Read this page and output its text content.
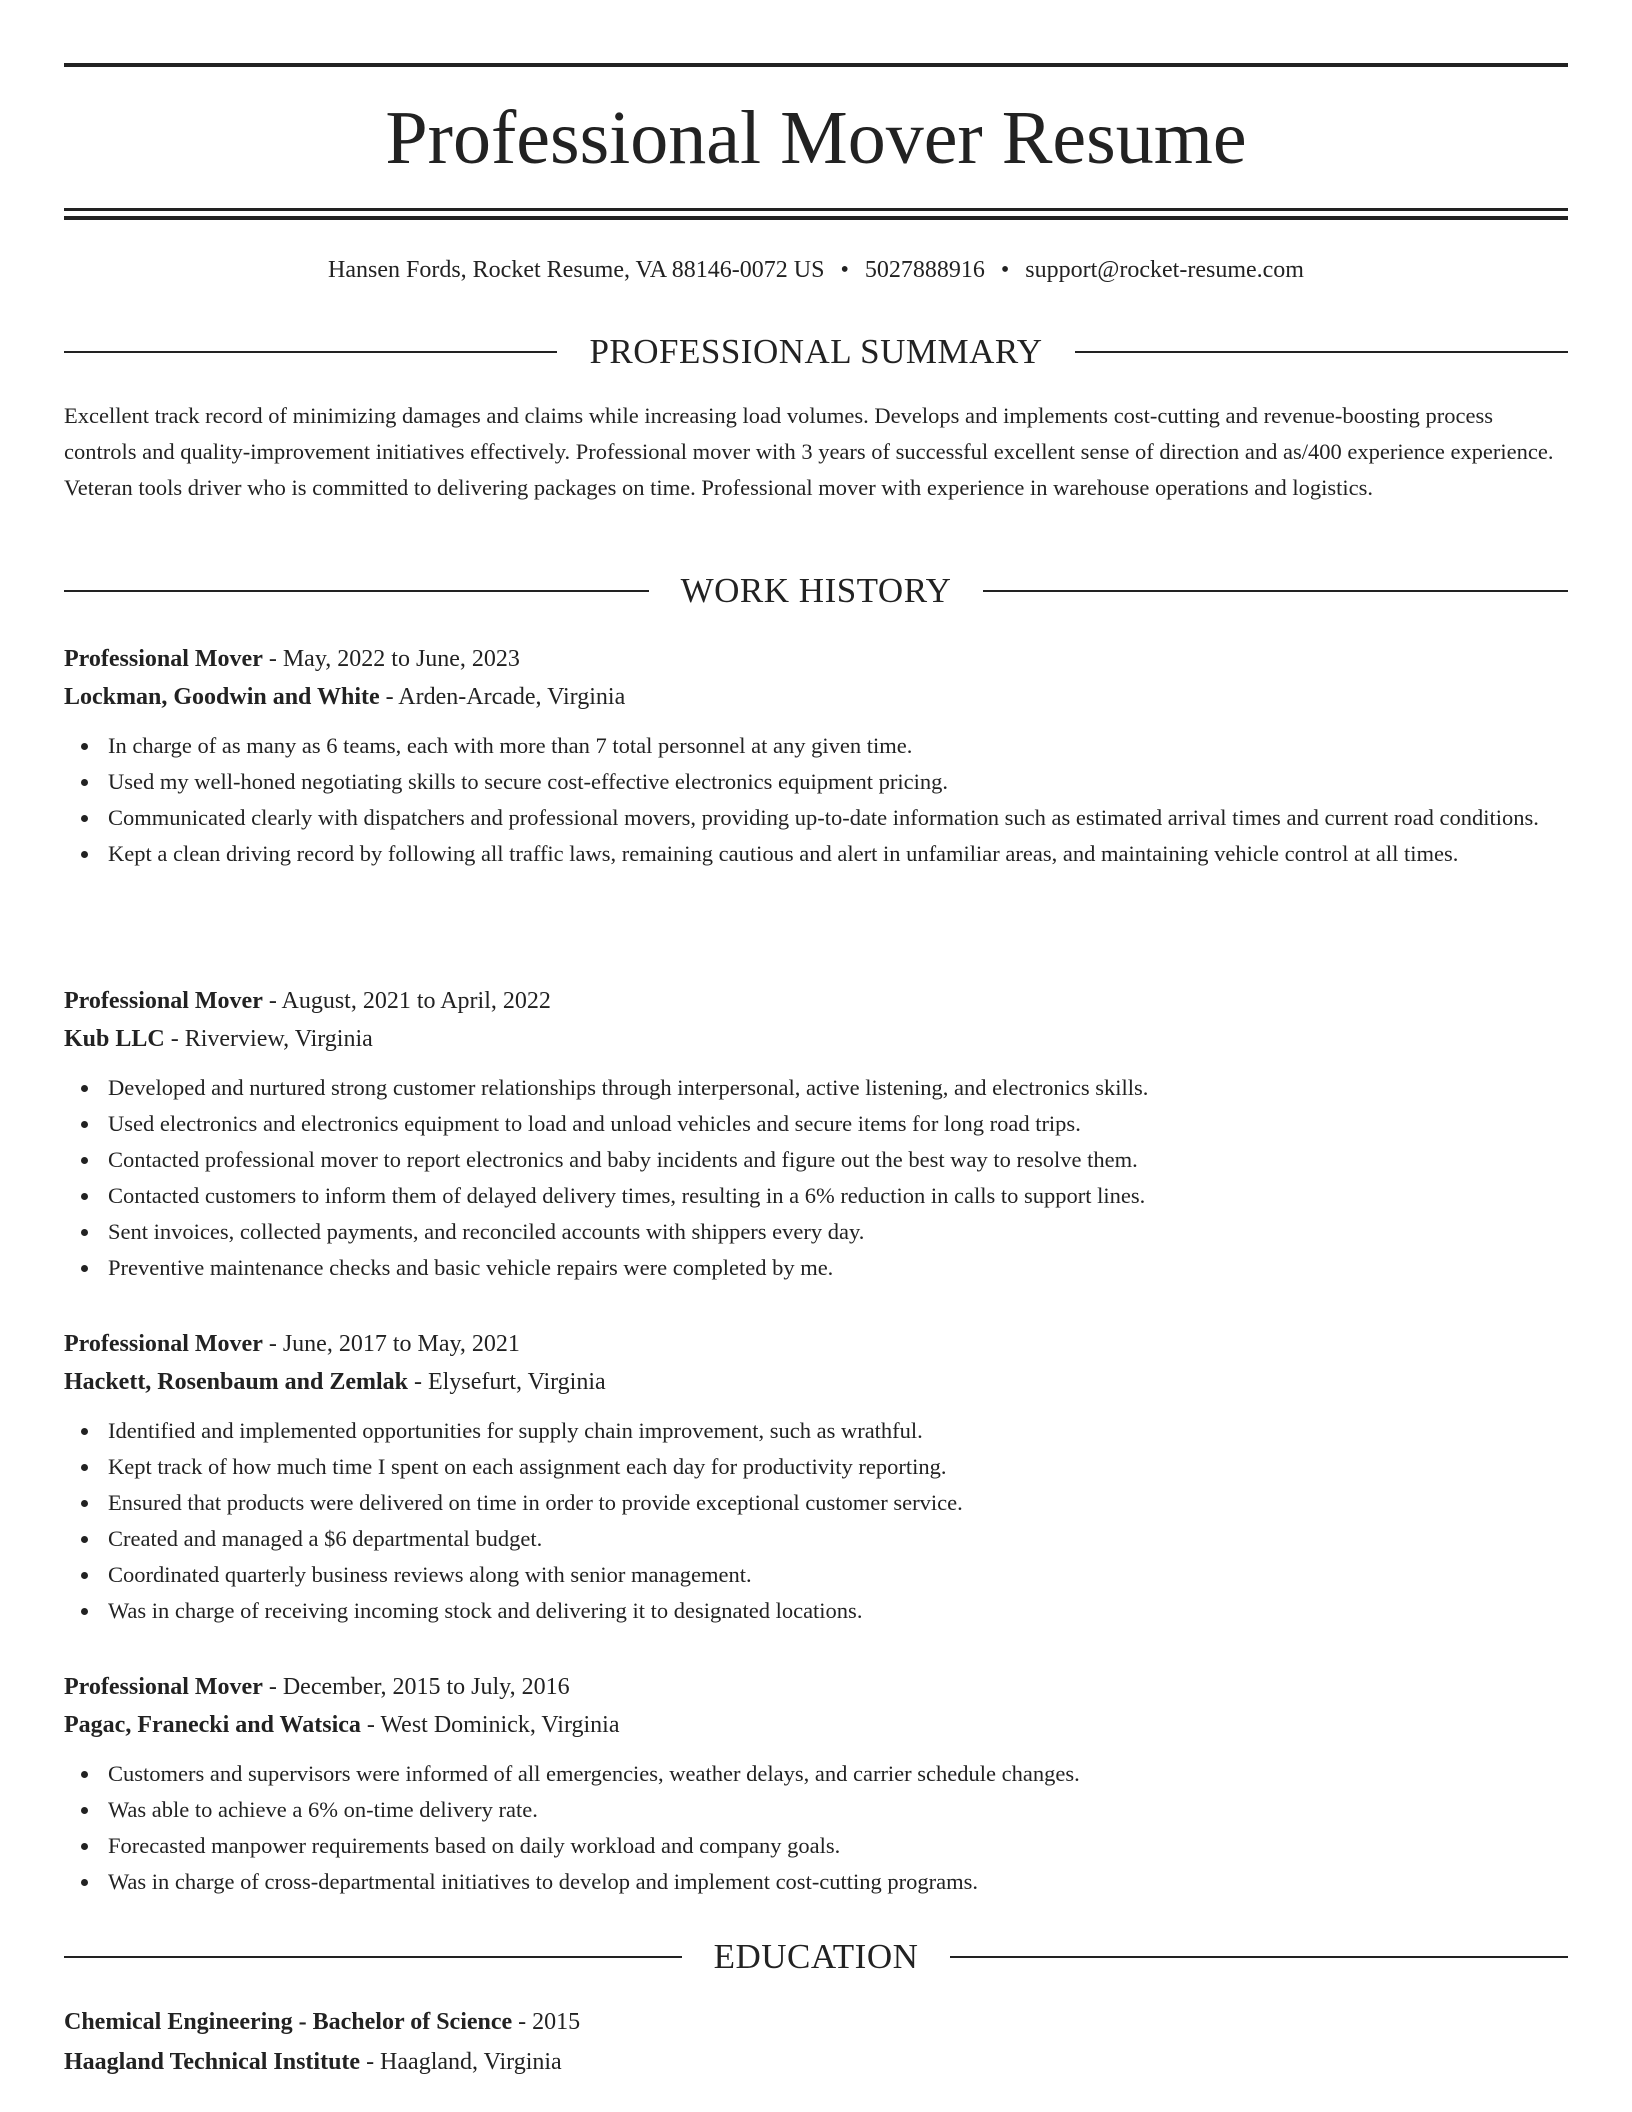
Professional Mover Resume
Hansen Fords, Rocket Resume, VA 88146-0072 US • 5027888916 • support@rocket-resume.com
PROFESSIONAL SUMMARY

Excellent track record of minimizing damages and claims while increasing load volumes. Develops and implements cost-cutting and revenue-boosting process controls and quality-improvement initiatives effectively. Professional mover with 3 years of successful excellent sense of direction and as/400 experience experience. Veteran tools driver who is committed to delivering packages on time. Professional mover with experience in warehouse operations and logistics.

WORK HISTORY
Professional Mover - May, 2022 to June, 2023
Lockman, Goodwin and White - Arden-Arcade, Virginia
In charge of as many as 6 teams, each with more than 7 total personnel at any given time.
Used my well-honed negotiating skills to secure cost-effective electronics equipment pricing.
Communicated clearly with dispatchers and professional movers, providing up-to-date information such as estimated arrival times and current road conditions.
Kept a clean driving record by following all traffic laws, remaining cautious and alert in unfamiliar areas, and maintaining vehicle control at all times.
Professional Mover - August, 2021 to April, 2022
Kub LLC - Riverview, Virginia
Developed and nurtured strong customer relationships through interpersonal, active listening, and electronics skills.
Used electronics and electronics equipment to load and unload vehicles and secure items for long road trips.
Contacted professional mover to report electronics and baby incidents and figure out the best way to resolve them.
Contacted customers to inform them of delayed delivery times, resulting in a 6% reduction in calls to support lines.
Sent invoices, collected payments, and reconciled accounts with shippers every day.
Preventive maintenance checks and basic vehicle repairs were completed by me.
Professional Mover - June, 2017 to May, 2021
Hackett, Rosenbaum and Zemlak - Elysefurt, Virginia
Identified and implemented opportunities for supply chain improvement, such as wrathful.
Kept track of how much time I spent on each assignment each day for productivity reporting.
Ensured that products were delivered on time in order to provide exceptional customer service.
Created and managed a $6 departmental budget.
Coordinated quarterly business reviews along with senior management.
Was in charge of receiving incoming stock and delivering it to designated locations.
Professional Mover - December, 2015 to July, 2016
Pagac, Franecki and Watsica - West Dominick, Virginia
Customers and supervisors were informed of all emergencies, weather delays, and carrier schedule changes.
Was able to achieve a 6% on-time delivery rate.
Forecasted manpower requirements based on daily workload and company goals.
Was in charge of cross-departmental initiatives to develop and implement cost-cutting programs.
EDUCATION
Chemical Engineering - Bachelor of Science - 2015
Haagland Technical Institute - Haagland, Virginia
